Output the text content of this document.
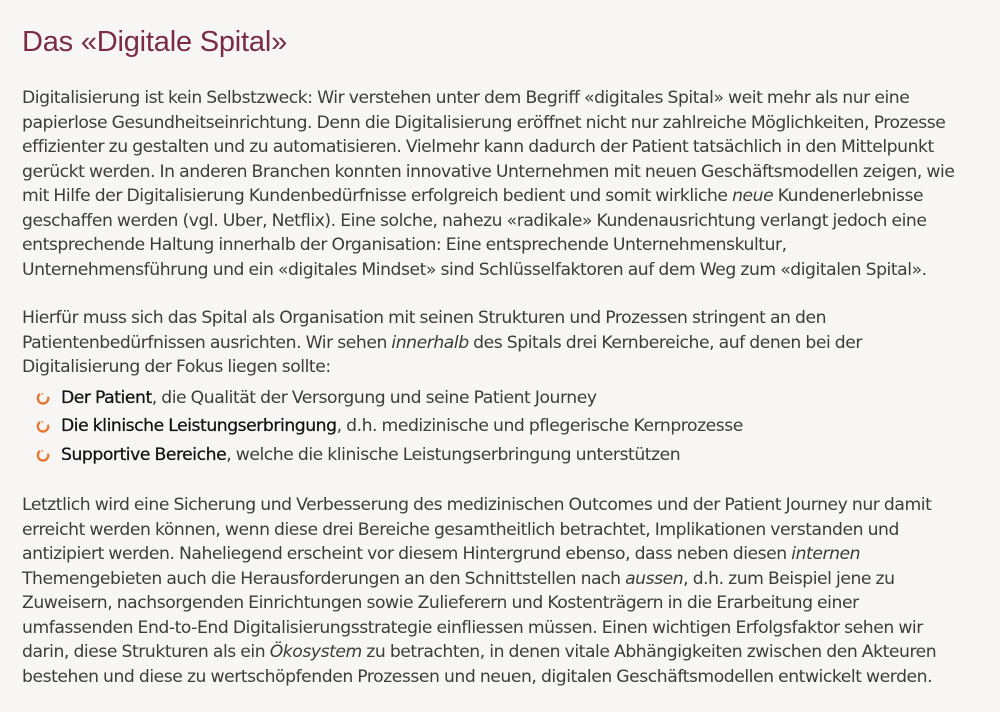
Das «Digitale Spital»

Digitalisierung ist kein Selbstzweck: Wir verstehen unter dem Begriff «digitales Spital» weit mehr als nur eine papierlose Gesundheitseinrichtung. Denn die Digitalisierung eröffnet nicht nur zahlreiche Möglichkeiten, Prozesse effizienter zu gestalten und zu automatisieren. Vielmehr kann dadurch der Patient tatsächlich in den Mittelpunkt gerückt werden. In anderen Branchen konnten innovative Unternehmen mit neuen Geschäftsmodellen zeigen, wie mit Hilfe der Digitalisierung Kundenbedürfnisse erfolgreich bedient und somit wirkliche neue Kundenerlebnisse geschaffen werden (vgl. Uber, Netflix). Eine solche, nahezu «radikale» Kundenausrichtung verlangt jedoch eine entsprechende Haltung innerhalb der Organisation: Eine entsprechende Unternehmenskultur, Unternehmensführung und ein «digitales Mindset» sind Schlüsselfaktoren auf dem Weg zum «digitalen Spital».

Hierfür muss sich das Spital als Organisation mit seinen Strukturen und Prozessen stringent an den Patientenbedürfnissen ausrichten. Wir sehen innerhalb des Spitals drei Kernbereiche, auf denen bei der Digitalisierung der Fokus liegen sollte:

Der Patient, die Qualität der Versorgung und seine Patient Journey
Die klinische Leistungserbringung, d.h. medizinische und pflegerische Kernprozesse
Supportive Bereiche, welche die klinische Leistungserbringung unterstützen

Letztlich wird eine Sicherung und Verbesserung des medizinischen Outcomes und der Patient Journey nur damit erreicht werden können, wenn diese drei Bereiche gesamtheitlich betrachtet, Implikationen verstanden und antizipiert werden. Naheliegend erscheint vor diesem Hintergrund ebenso, dass neben diesen internen Themengebieten auch die Herausforderungen an den Schnittstellen nach aussen, d.h. zum Beispiel jene zu Zuweisern, nachsorgenden Einrichtungen sowie Zulieferern und Kostenträgern in die Erarbeitung einer umfassenden End-to-End Digitalisierungsstrategie einfliessen müssen. Einen wichtigen Erfolgsfaktor sehen wir darin, diese Strukturen als ein Ökosystem zu betrachten, in denen vitale Abhängigkeiten zwischen den Akteuren bestehen und diese zu wertschöpfenden Prozessen und neuen, digitalen Geschäftsmodellen entwickelt werden.
